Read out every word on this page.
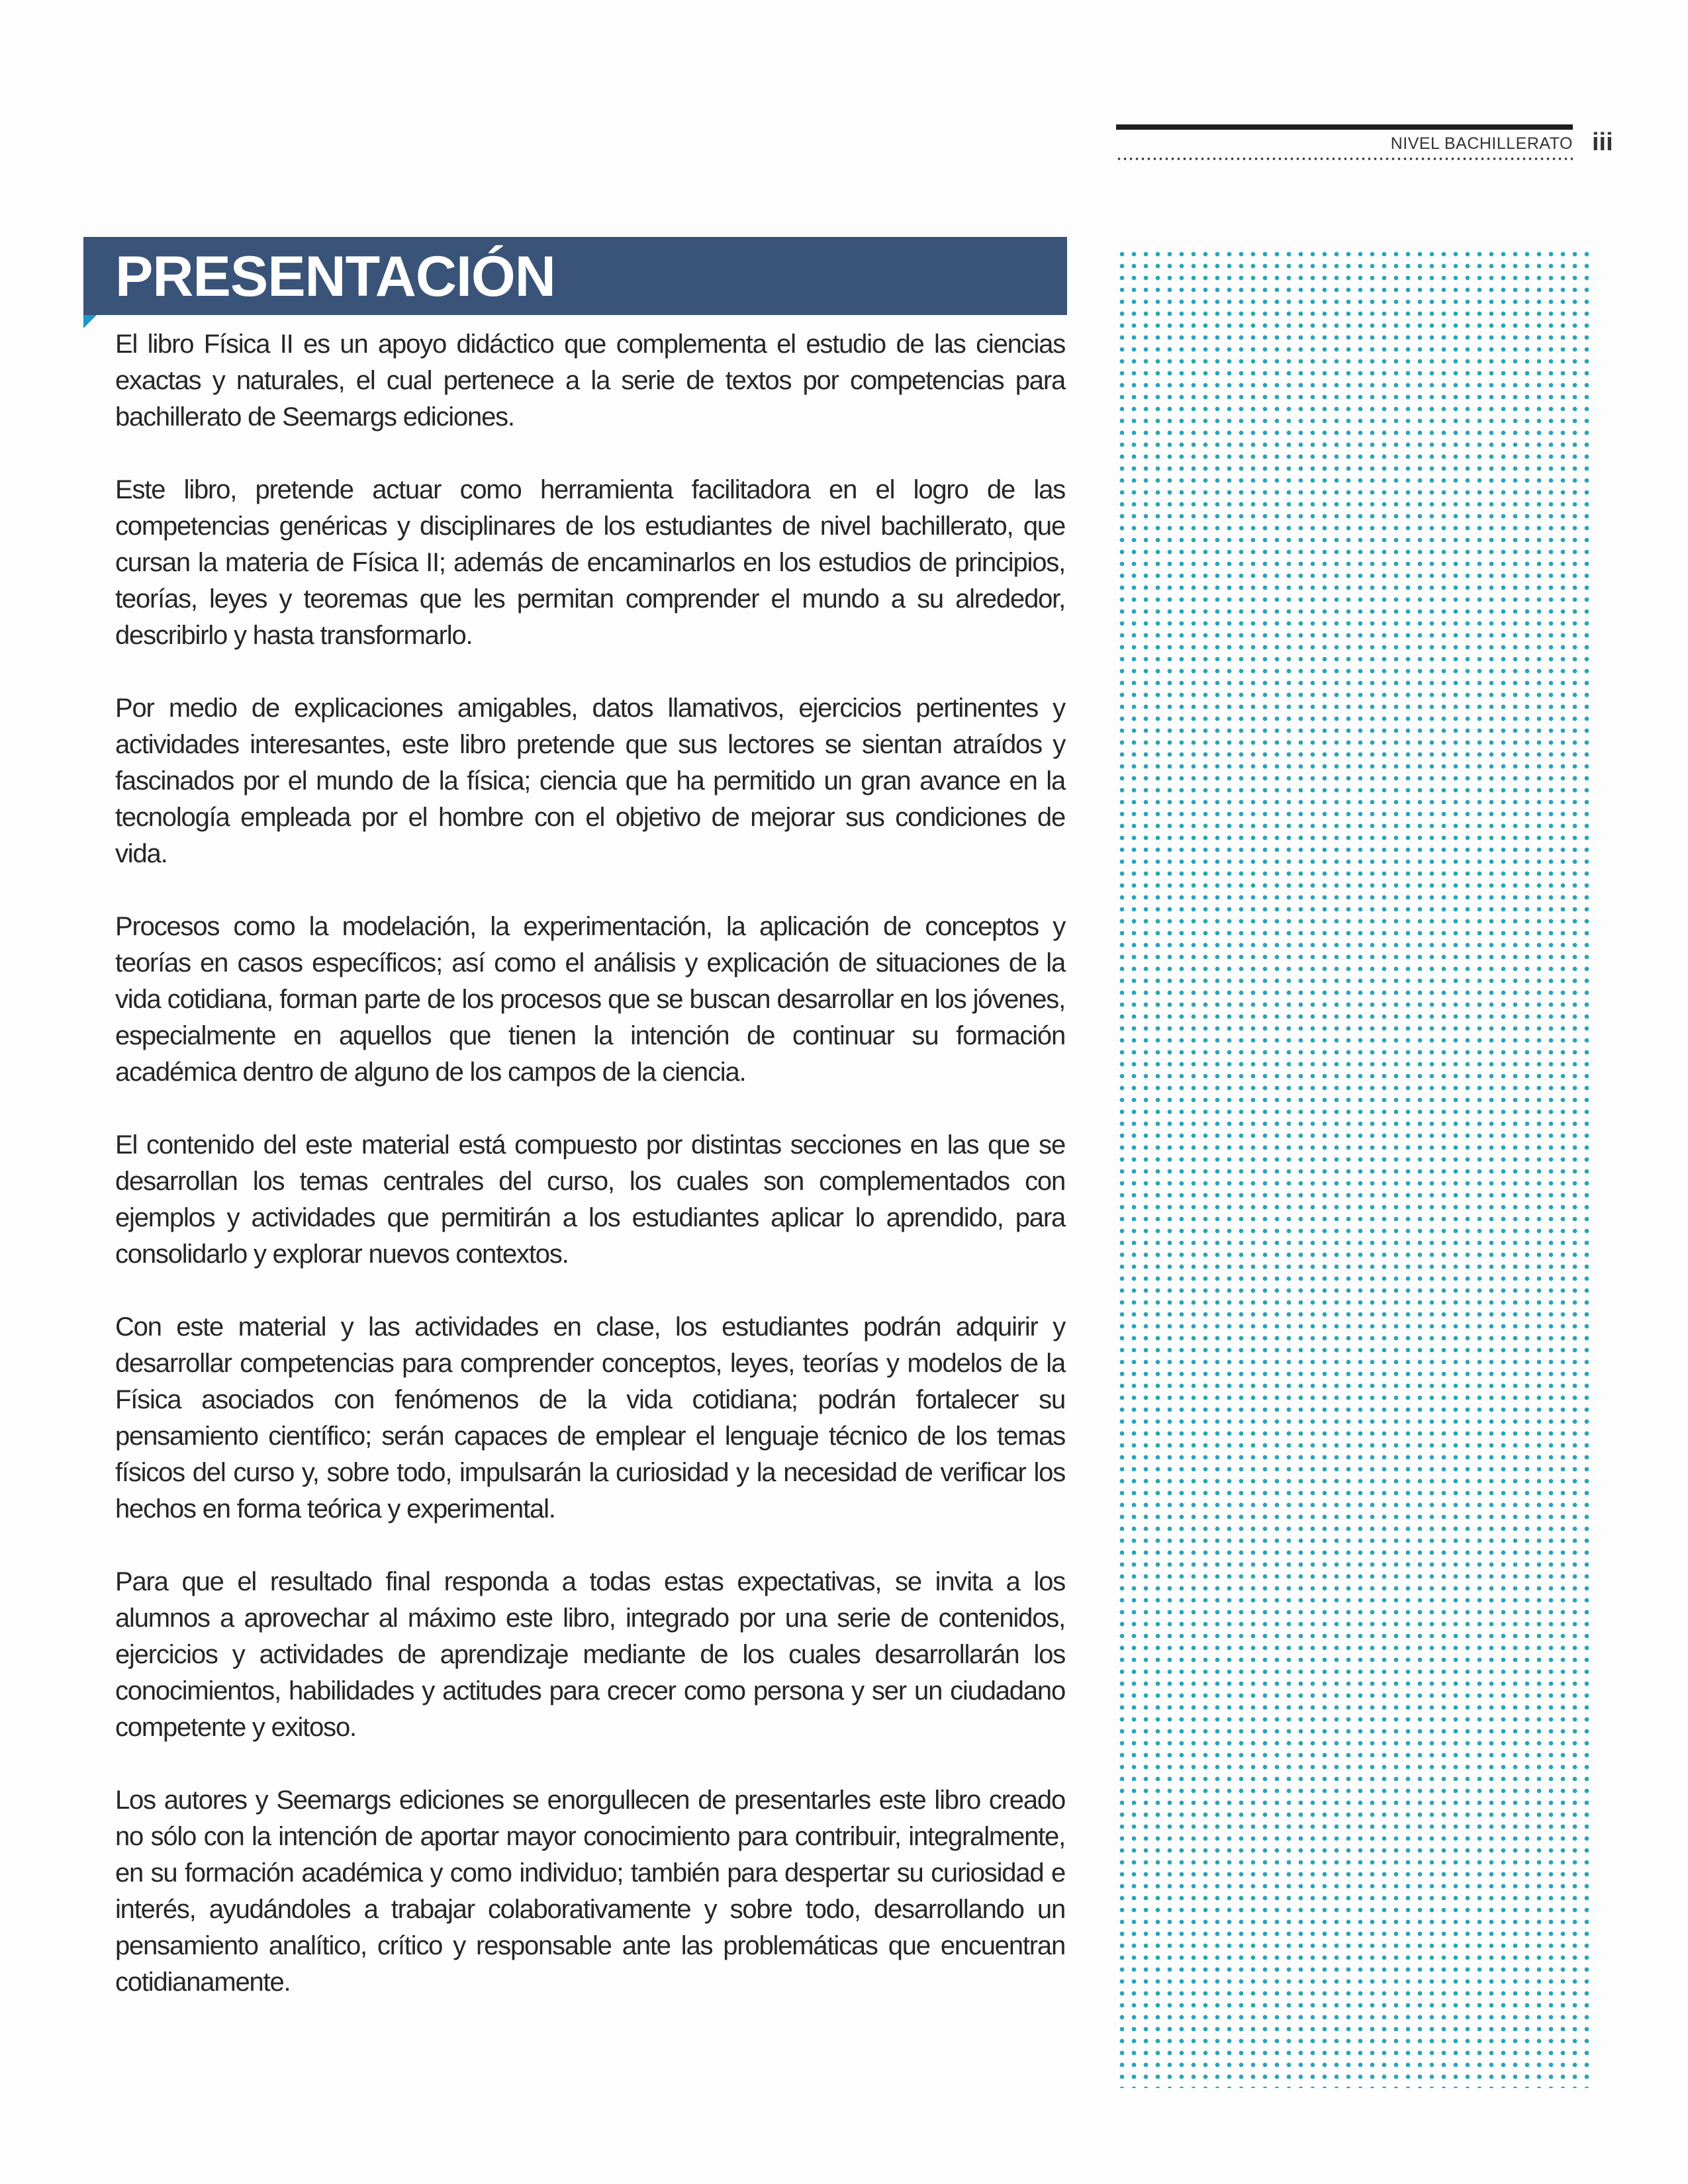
NIVEL BACHILLERATO iii
PRESENTACIÓN

El libro Física II es un apoyo didáctico que complementa el estudio de las ciencias exactas y naturales, el cual pertenece a la serie de textos por competencias para bachillerato de Seemargs ediciones.

Este libro, pretende actuar como herramienta facilitadora en el logro de las competencias genéricas y disciplinares de los estudiantes de nivel bachillerato, que cursan la materia de Física II; además de encaminarlos en los estudios de principios, teorías, leyes y teoremas que les permitan comprender el mundo a su alrededor, describirlo y hasta transformarlo.

Por medio de explicaciones amigables, datos llamativos, ejercicios pertinentes y actividades interesantes, este libro pretende que sus lectores se sientan atraídos y fascinados por el mundo de la física; ciencia que ha permitido un gran avance en la tecnología empleada por el hombre con el objetivo de mejorar sus condiciones de vida.

Procesos como la modelación, la experimentación, la aplicación de conceptos y teorías en casos específicos; así como el análisis y explicación de situaciones de la vida cotidiana, forman parte de los procesos que se buscan desarrollar en los jóvenes, especialmente en aquellos que tienen la intención de continuar su formación académica dentro de alguno de los campos de la ciencia.

El contenido del este material está compuesto por distintas secciones en las que se desarrollan los temas centrales del curso, los cuales son complementados con ejemplos y actividades que permitirán a los estudiantes aplicar lo aprendido, para consolidarlo y explorar nuevos contextos.

Con este material y las actividades en clase, los estudiantes podrán adquirir y desarrollar competencias para comprender conceptos, leyes, teorías y modelos de la Física asociados con fenómenos de la vida cotidiana; podrán fortalecer su pensamiento científico; serán capaces de emplear el lenguaje técnico de los temas físicos del curso y, sobre todo, impulsarán la curiosidad y la necesidad de verificar los hechos en forma teórica y experimental.

Para que el resultado final responda a todas estas expectativas, se invita a los alumnos a aprovechar al máximo este libro, integrado por una serie de contenidos, ejercicios y actividades de aprendizaje mediante de los cuales desarrollarán los conocimientos, habilidades y actitudes para crecer como persona y ser un ciudadano competente y exitoso.

Los autores y Seemargs ediciones se enorgullecen de presentarles este libro creado no sólo con la intención de aportar mayor conocimiento para contribuir, integralmente, en su formación académica y como individuo; también para despertar su curiosidad e interés, ayudándoles a trabajar colaborativamente y sobre todo, desarrollando un pensamiento analítico, crítico y responsable ante las problemáticas que encuentran cotidianamente.
